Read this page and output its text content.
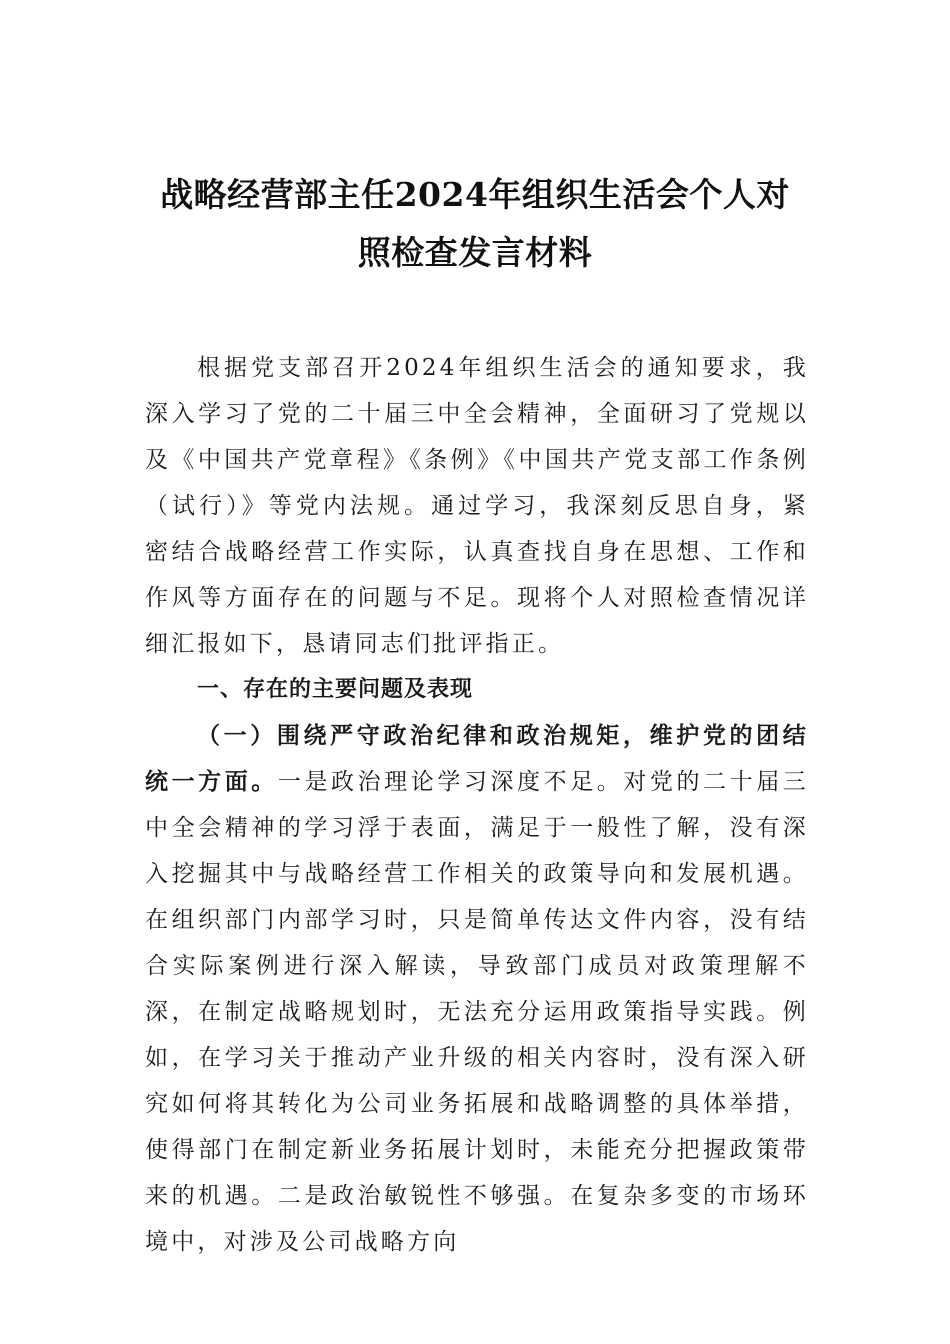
战略经营部主任2024年组织生活会个人对
照检查发言材料

根据党支部召开2024年组织生活会的通知要求，我深入学习了党的二十届三中全会精神，全面研习了党规以及《中国共产党章程》《条例》《中国共产党支部工作条例（试行）》等党内法规。通过学习，我深刻反思自身，紧密结合战略经营工作实际，认真查找自身在思想、工作和作风等方面存在的问题与不足。现将个人对照检查情况详细汇报如下，恳请同志们批评指正。

一、存在的主要问题及表现

（一）围绕严守政治纪律和政治规矩，维护党的团结统一方面。一是政治理论学习深度不足。对党的二十届三中全会精神的学习浮于表面，满足于一般性了解，没有深入挖掘其中与战略经营工作相关的政策导向和发展机遇。在组织部门内部学习时，只是简单传达文件内容，没有结合实际案例进行深入解读，导致部门成员对政策理解不深，在制定战略规划时，无法充分运用政策指导实践。例如，在学习关于推动产业升级的相关内容时，没有深入研究如何将其转化为公司业务拓展和战略调整的具体举措，使得部门在制定新业务拓展计划时，未能充分把握政策带来的机遇。二是政治敏锐性不够强。在复杂多变的市场环境中，对涉及公司战略方向
